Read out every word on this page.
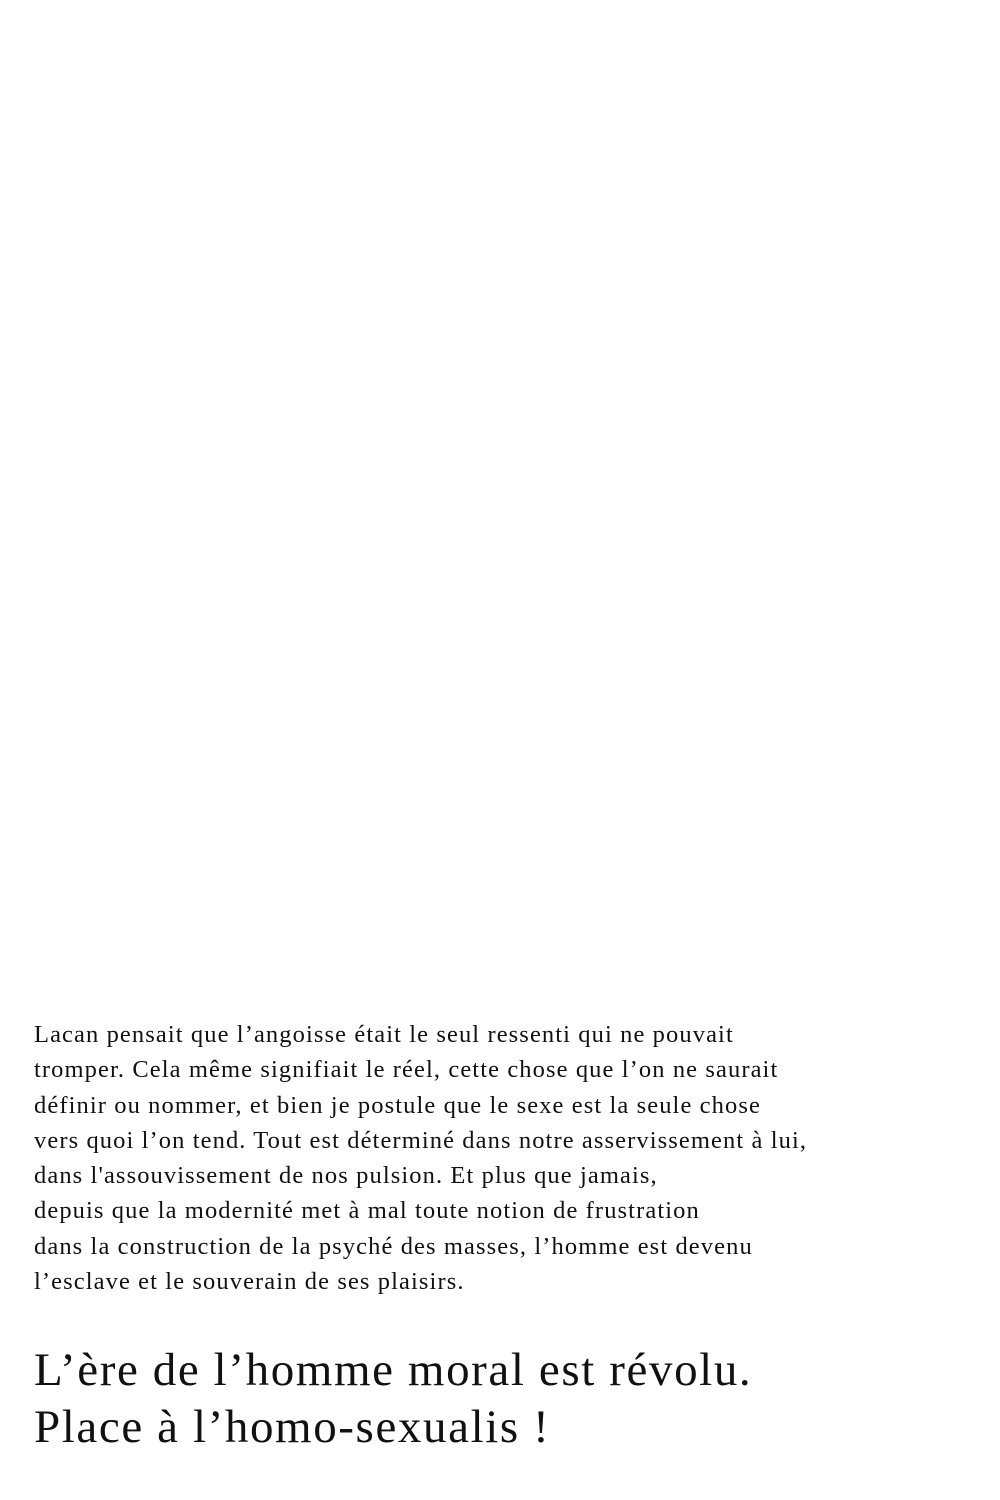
Lacan pensait que l’angoisse était le seul ressenti qui ne pouvait
tromper. Cela même signifiait le réel, cette chose que l’on ne saurait
définir ou nommer, et bien je postule que le sexe est la seule chose
vers quoi l’on tend. Tout est déterminé dans notre asservissement à lui,
dans l'assouvissement de nos pulsion. Et plus que jamais,
depuis que la modernité met à mal toute notion de frustration
dans la construction de la psyché des masses, l’homme est devenu
l’esclave et le souverain de ses plaisirs.

L’ère de l’homme moral est révolu.
Place à l’homo-sexualis !
